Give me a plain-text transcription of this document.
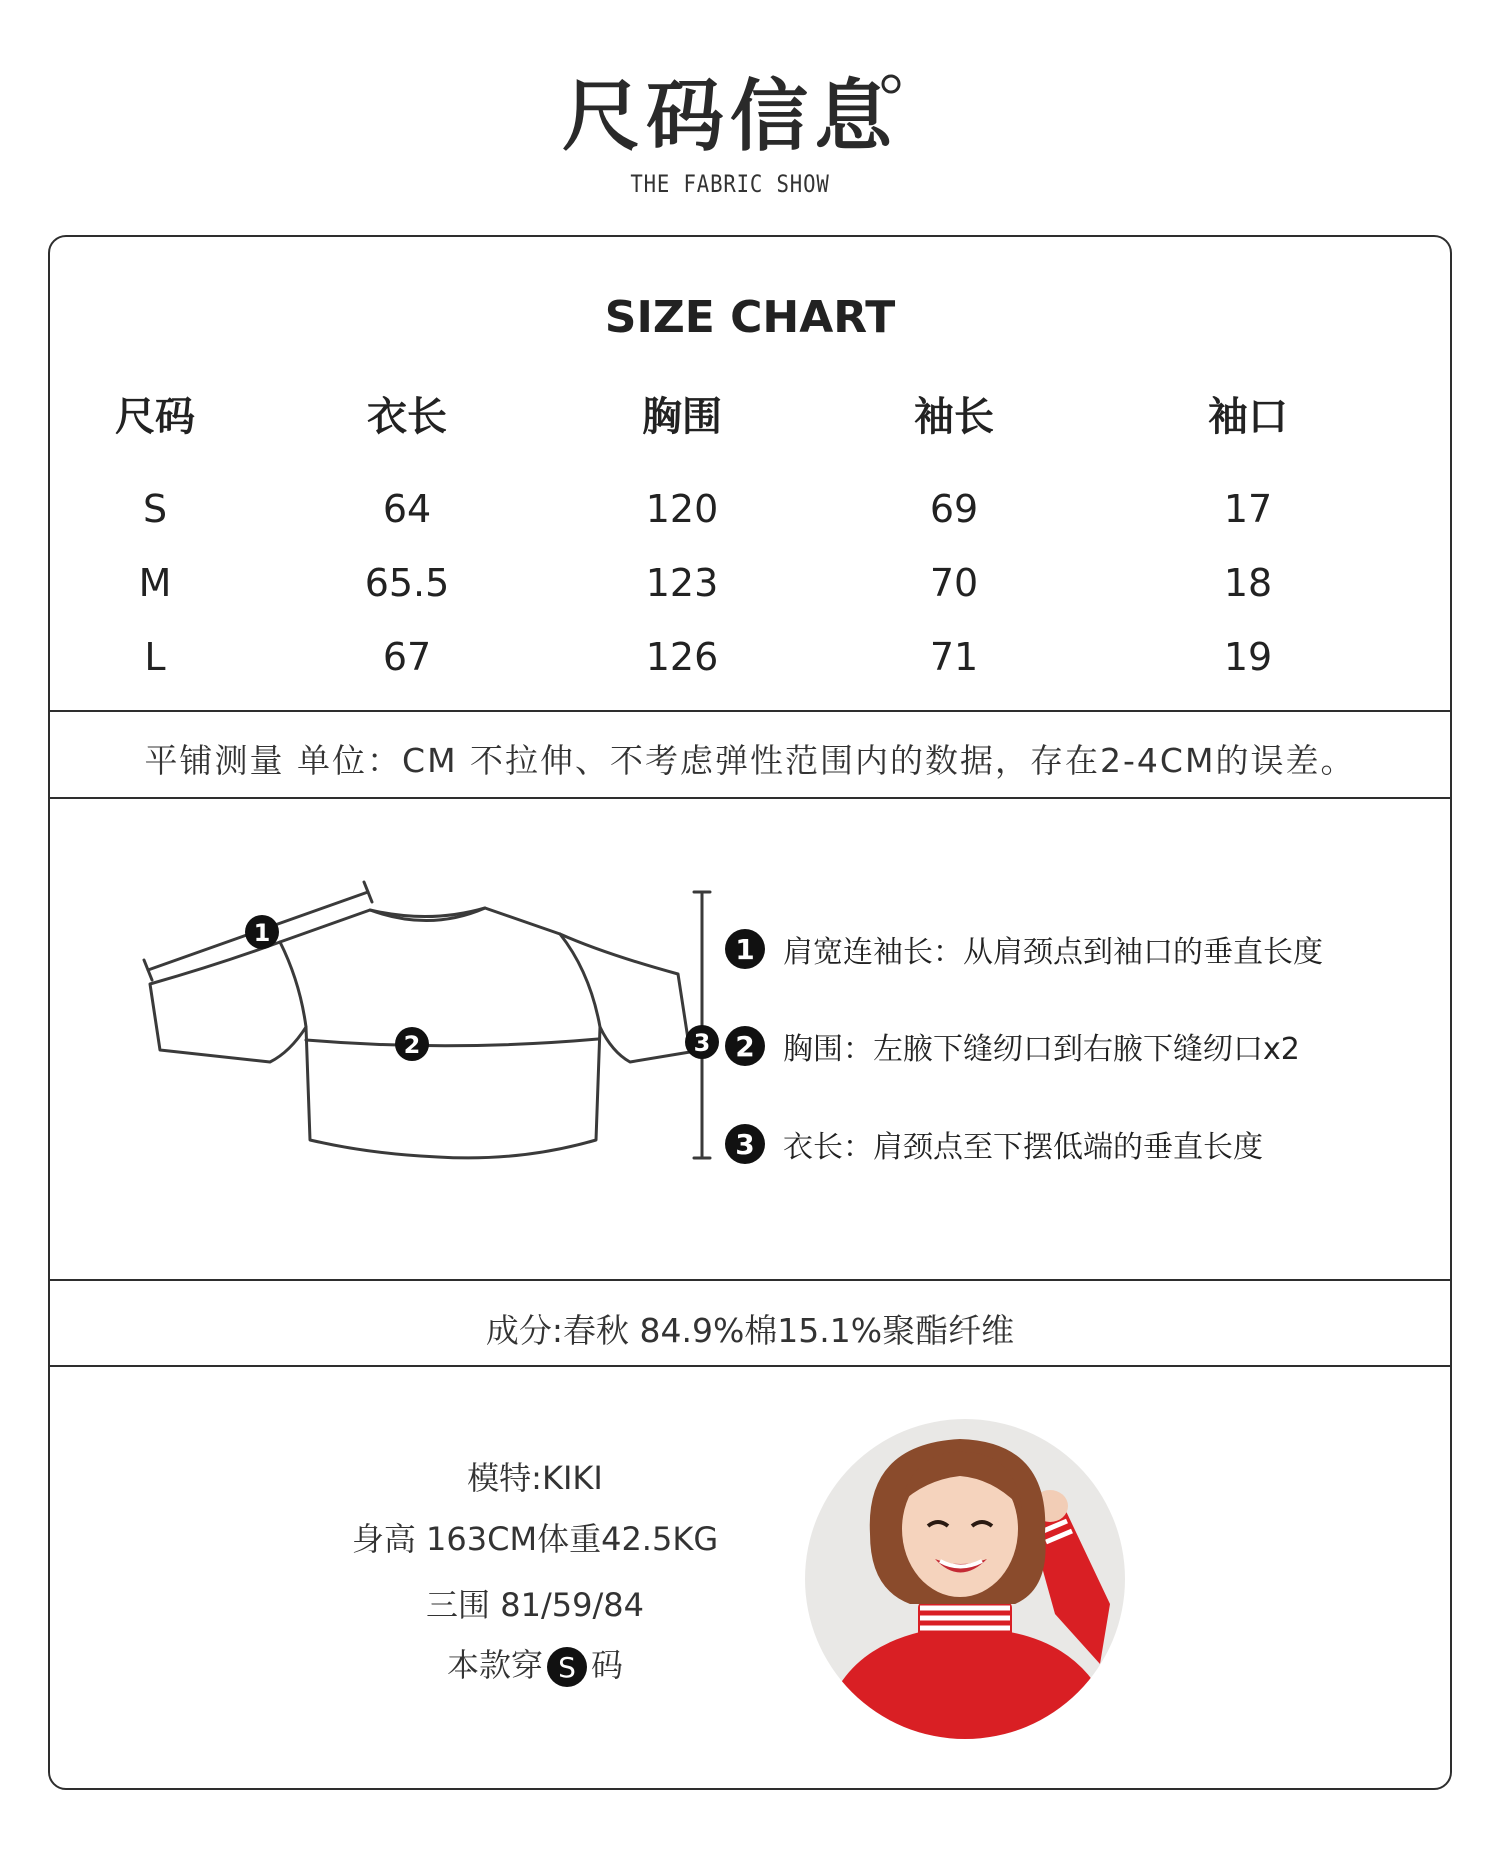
尺码信息
THE FABRIC SHOW
SIZE CHART
尺码	衣长	胸围	袖长	袖口
S	64	120	69	17
M	65.5	123	70	18
L	67	126	71	19
平铺测量 单位：CM 不拉伸、不考虑弹性范围内的数据，存在2-4CM的误差。
1
2	3
1 肩宽连袖长：从肩颈点到袖口的垂直长度
2 胸围：左腋下缝纫口到右腋下缝纫口x2
3 衣长：肩颈点至下摆低端的垂直长度
成分:春秋 84.9%棉15.1%聚酯纤维
模特:KIKI
身高 163CM体重42.5KG
三围 81/59/84
本款穿 S 码
